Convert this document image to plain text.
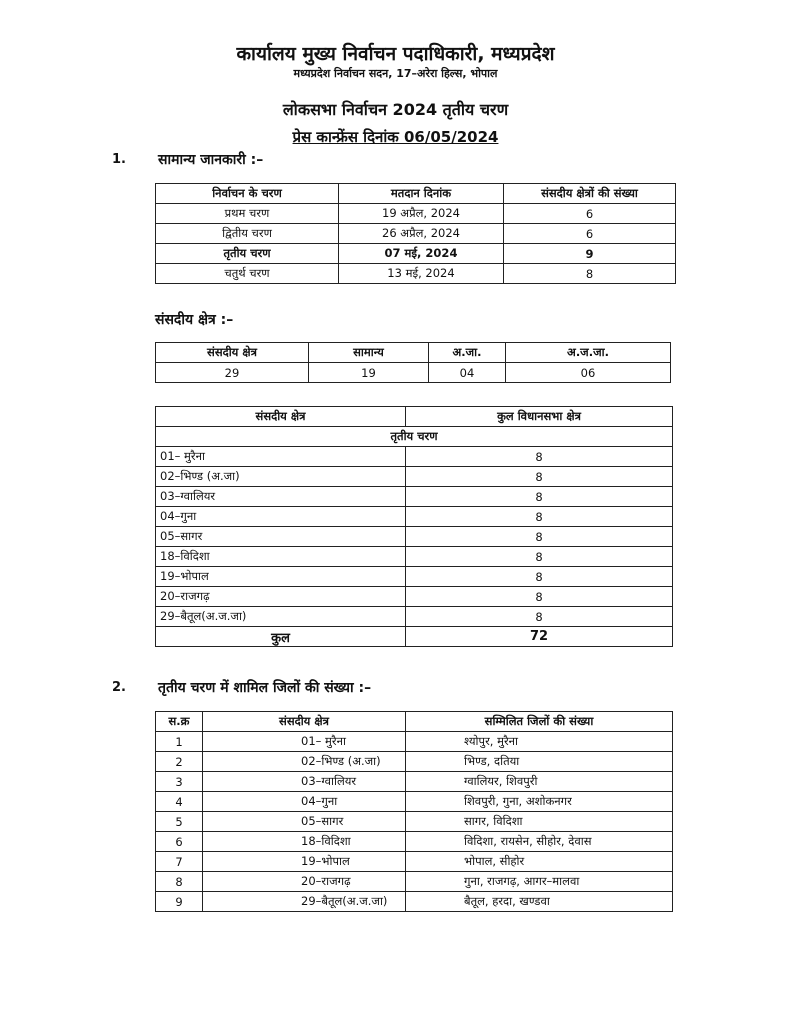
कार्यालय मुख्य निर्वाचन पदाधिकारी, मध्यप्रदेश
मध्यप्रदेश निर्वाचन सदन, 17–अरेरा हिल्स, भोपाल
लोकसभा निर्वाचन 2024 तृतीय चरण
प्रेस कान्फ्रेंस दिनांक 06/05/2024
1. सामान्य जानकारी :–
निर्वाचन के चरण	मतदान दिनांक	संसदीय क्षेत्रों की संख्या
प्रथम चरण	19 अप्रैल, 2024	6
द्वितीय चरण	26 अप्रैल, 2024	6
तृतीय चरण	07 मई, 2024	9
चतुर्थ चरण	13 मई, 2024	8
संसदीय क्षेत्र :–
संसदीय क्षेत्र	सामान्य	अ.जा.	अ.ज.जा.
29	19	04	06
संसदीय क्षेत्र	कुल विधानसभा क्षेत्र
तृतीय चरण	
01– मुरैना	8
02–भिण्ड (अ.जा)	8
03–ग्वालियर	8
04–गुना	8
05–सागर	8
18–विदिशा	8
19–भोपाल	8
20–राजगढ़	8
29–बैतूल(अ.ज.जा)	8
कुल	72
2. तृतीय चरण में शामिल जिलों की संख्या :–
स.क्र	संसदीय क्षेत्र	सम्मिलित जिलों की संख्या
1	01– मुरैना	श्योपुर, मुरैना
2	02–भिण्ड (अ.जा)	भिण्ड, दतिया
3	03–ग्वालियर	ग्वालियर, शिवपुरी
4	04–गुना	शिवपुरी, गुना, अशोकनगर
5	05–सागर	सागर, विदिशा
6	18–विदिशा	विदिशा, रायसेन, सीहोर, देवास
7	19–भोपाल	भोपाल, सीहोर
8	20–राजगढ़	गुना, राजगढ़, आगर–मालवा
9	29–बैतूल(अ.ज.जा)	बैतूल, हरदा, खण्डवा
